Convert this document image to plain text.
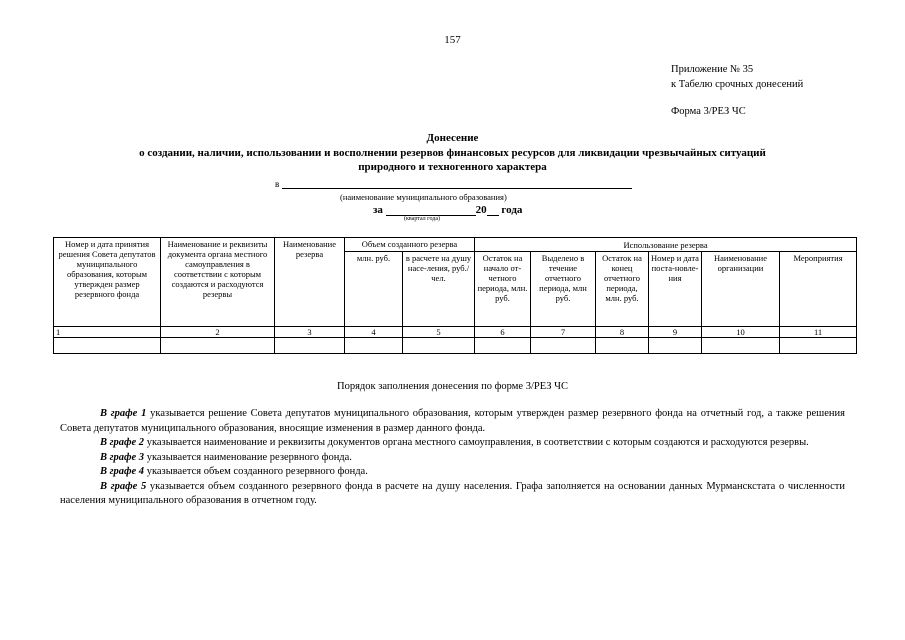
157
Приложение № 35
к Табелю срочных донесений
Форма 3/РЕЗ ЧС
Донесение
о создании, наличии, использовании и восполнении резервов финансовых ресурсов для ликвидации чрезвычайных ситуаций
природного и техногенного характера
в
(наименование муниципального образования)
за	20 года
(квартал года)
Номер и дата принятия решения Совета депутатов муниципального образования, которым утвержден размер резервного фонда	Наименование и реквизиты документа органа местного самоуправления в соответствии с которым создаются и расходуются резервы	Наименование резерва	Объем созданного резерва		Использование резерва					
			млн. руб.	в расчете на душу насе-ления, руб./чел.	Остаток на начало от-четного периода, млн. руб.	Выделено в течение отчетного периода, млн руб.	Остаток на конец отчетного периода, млн. руб.	Номер и дата поста-новле-ния	Наименование организации	Мероприятия
1	2	3	4	5	6	7	8	9	10	11

Порядок заполнения донесения по форме 3/РЕЗ ЧС

В графе 1 указывается решение Совета депутатов муниципального образования, которым утвержден размер резервного фонда на отчетный год, а также решения Совета депутатов муниципального образования, вносящие изменения в размер данного фонда.

В графе 2 указывается наименование и реквизиты документов органа местного самоуправления, в соответствии с которым создаются и расходуются резервы.

В графе 3 указывается наименование резервного фонда.

В графе 4 указывается объем созданного резервного фонда.

В графе 5 указывается объем созданного резервного фонда в расчете на душу населения. Графа заполняется на основании данных Мурманскстата о численности населения муниципального образования в отчетном году.
